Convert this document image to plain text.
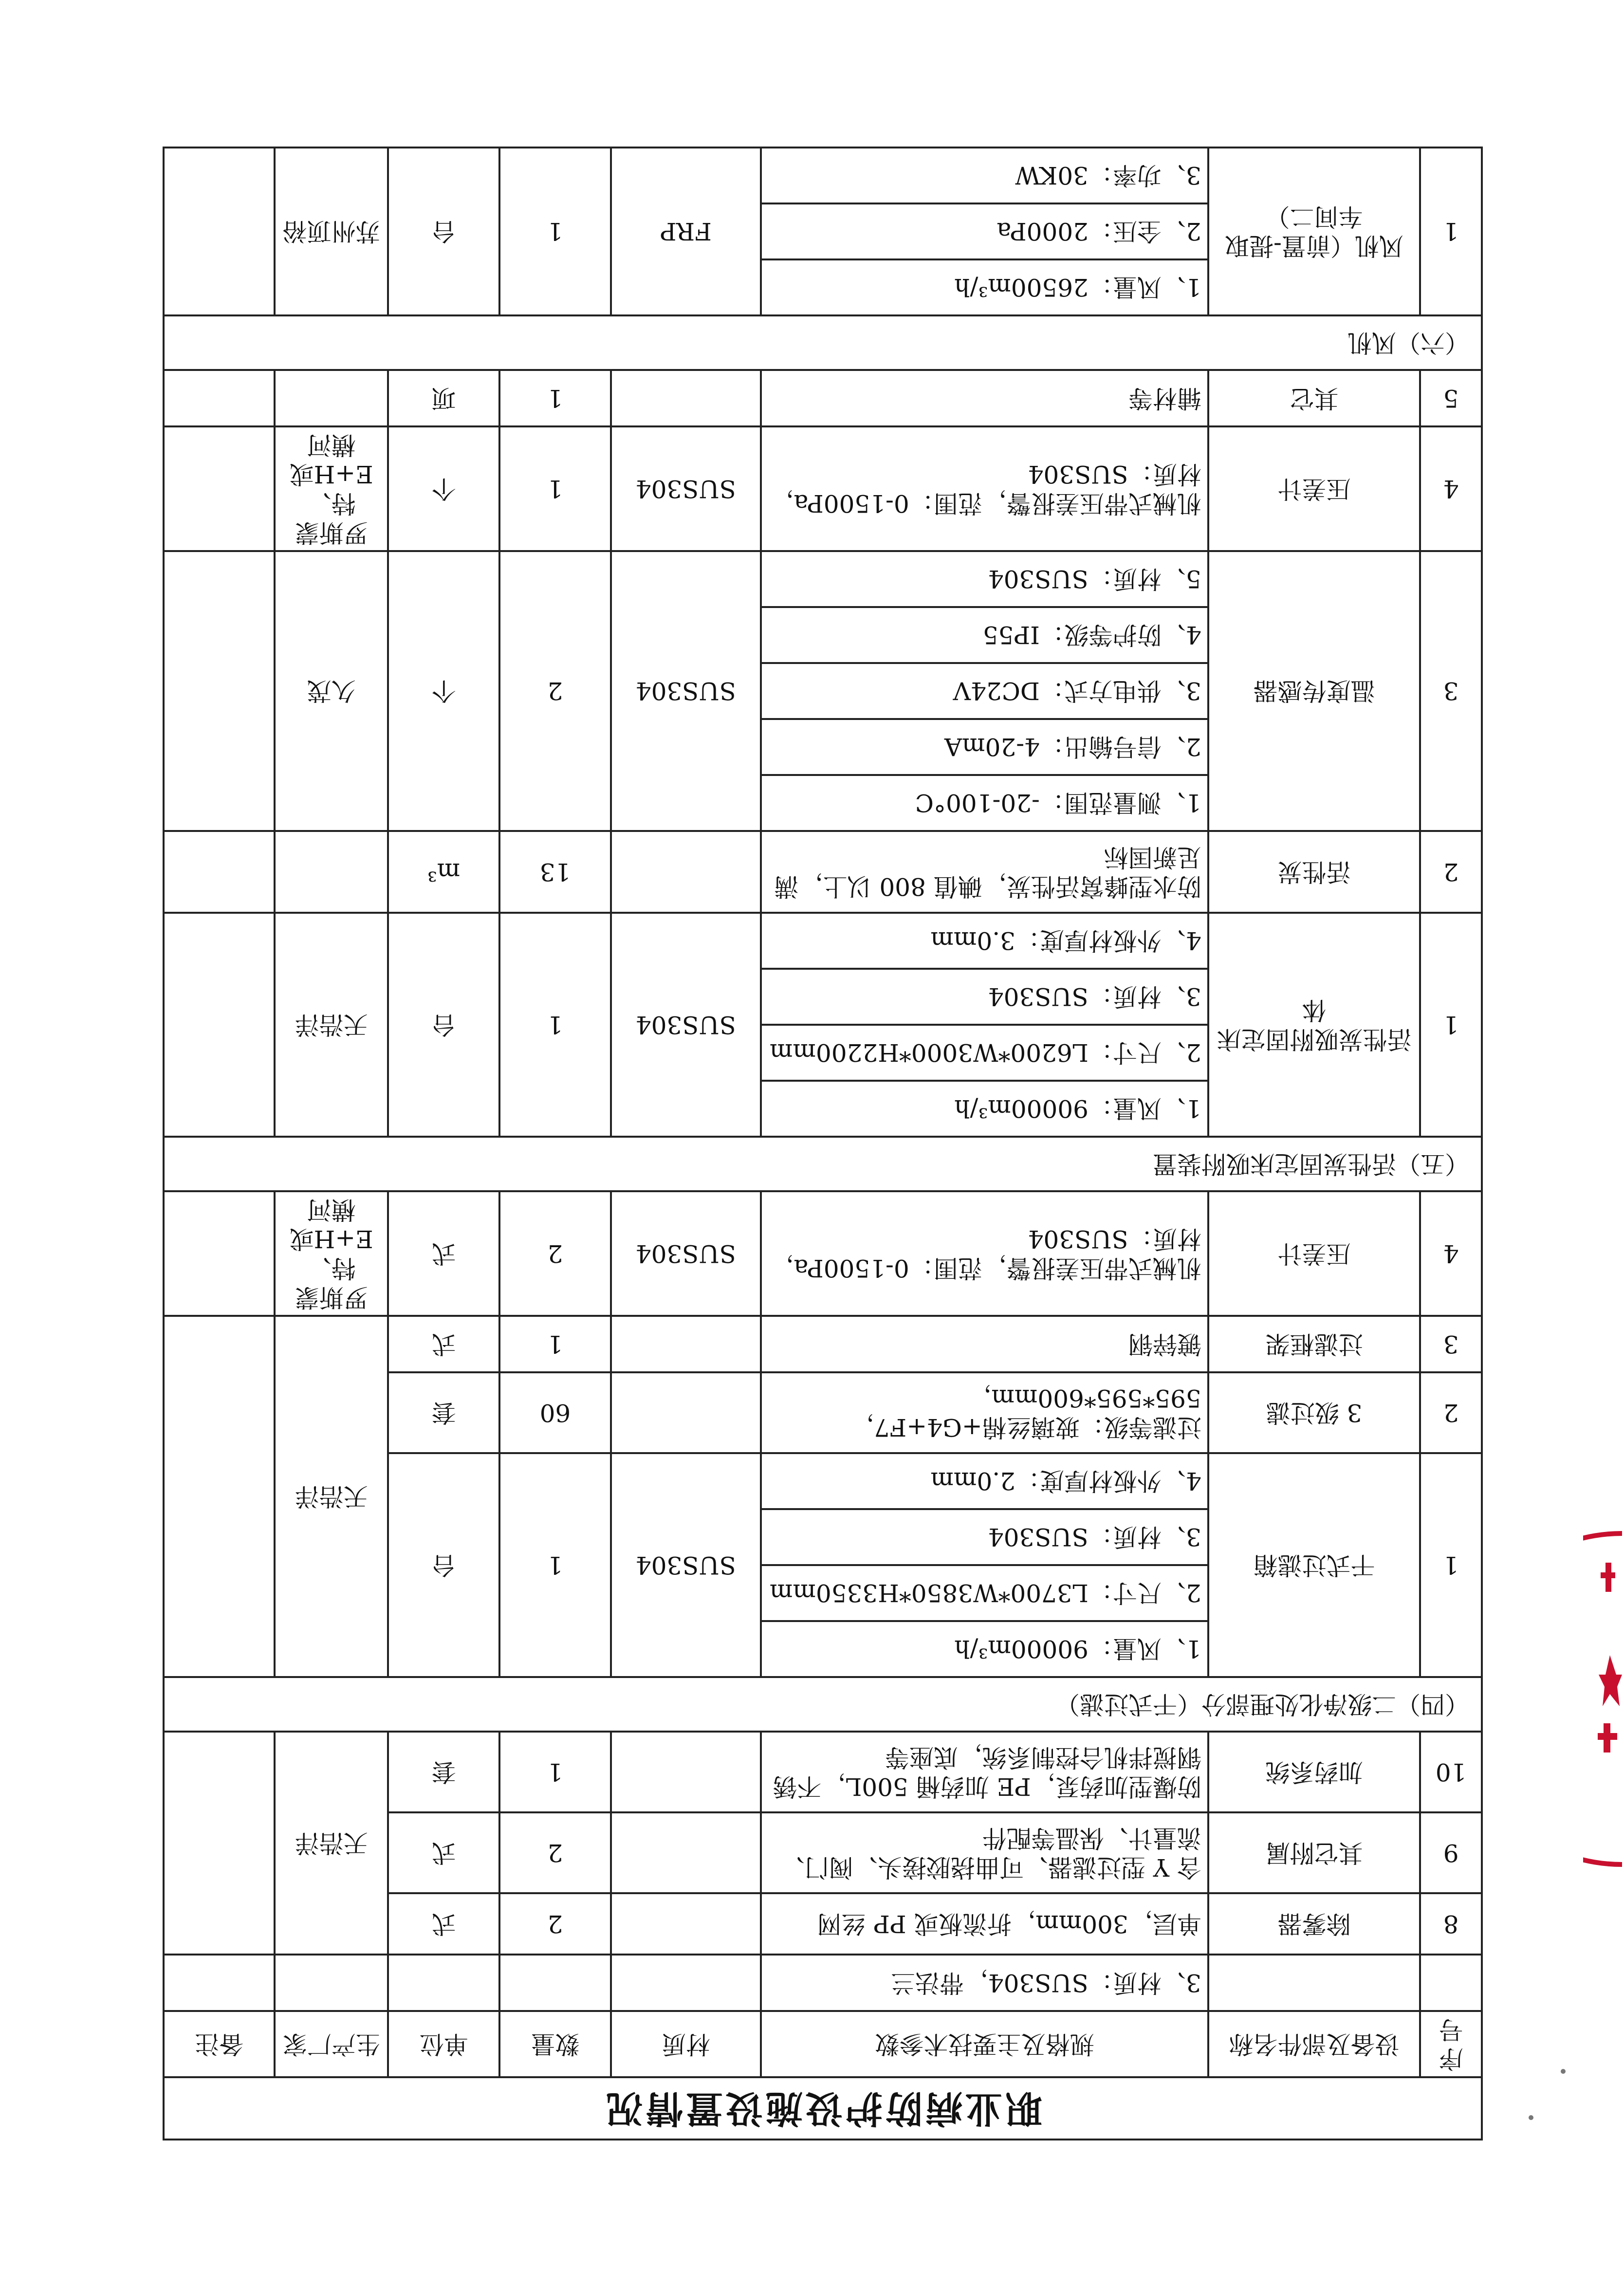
职业病防护设施设置情况							
序号	设备及部件名称	规格及主要技术参数	材质	数量	单位	生产厂家	备注
		3、材质：SUS304，带法兰					
8	除雾器	单层，300mm，折流板或 PP 丝网		2	式	天浩洋	
9	其它附属	含 Y 型过滤器、可曲挠胶接头、阀门、流量计、保温等配件		2	式		
10	加药系统	防爆型加药泵，PE 加药桶 500L，不锈钢搅拌机合控制系统，底座等		1	套		
（四）二级净化处理部分（干式过滤）							
1	干式过滤箱	1、风量：90000m³/h	SUS304	1	台	天浩洋	
		2、尺寸：L3700*W3850*H3350mm					
		3、材质：SUS304					
		4、外板材厚度：2.0mm					
2	3 级过滤	过滤等级：玻璃丝棉+G4+F7，595*595*600mm，		60	套		
3	过滤框架	镀锌钢		1	式		
4	压差计	机械式带压差报警，范围：0-1500Pa，材质：SUS304	SUS304	2	式	罗斯蒙特、E+H或横河	
（五）活性炭固定床吸附装置							
1	活性炭吸附固定床体	1、风量：90000m³/h	SUS304	1	台	天浩洋	
		2、尺寸：L6200*W3000*H2200mm					
		3、材质：SUS304					
		4、外板材厚度：3.0mm					
2	活性炭	防水型蜂窝活性炭，碘值 800 以上，满足新国标		13	m³		
3	温度传感器	1、测量范围：-20-100°C	SUS304	2	个	久茂	
		2、信号输出：4-20mA					
		3、供电方式：DC24V					
		4、防护等级：IP55					
		5、材质：SUS304					
4	压差计	机械式带压差报警，范围：0-1500Pa，材质：SUS304	SUS304	1	个	罗斯蒙特、E+H或横河	
5	其它	辅材等		1	项		
（六）风机							
1	风机（前置-提取车间二）	1、风量：26500m³/h	FRP	1	台	苏州顶裕	
		2、全压：2000Pa					
		3、功率：30KW					
